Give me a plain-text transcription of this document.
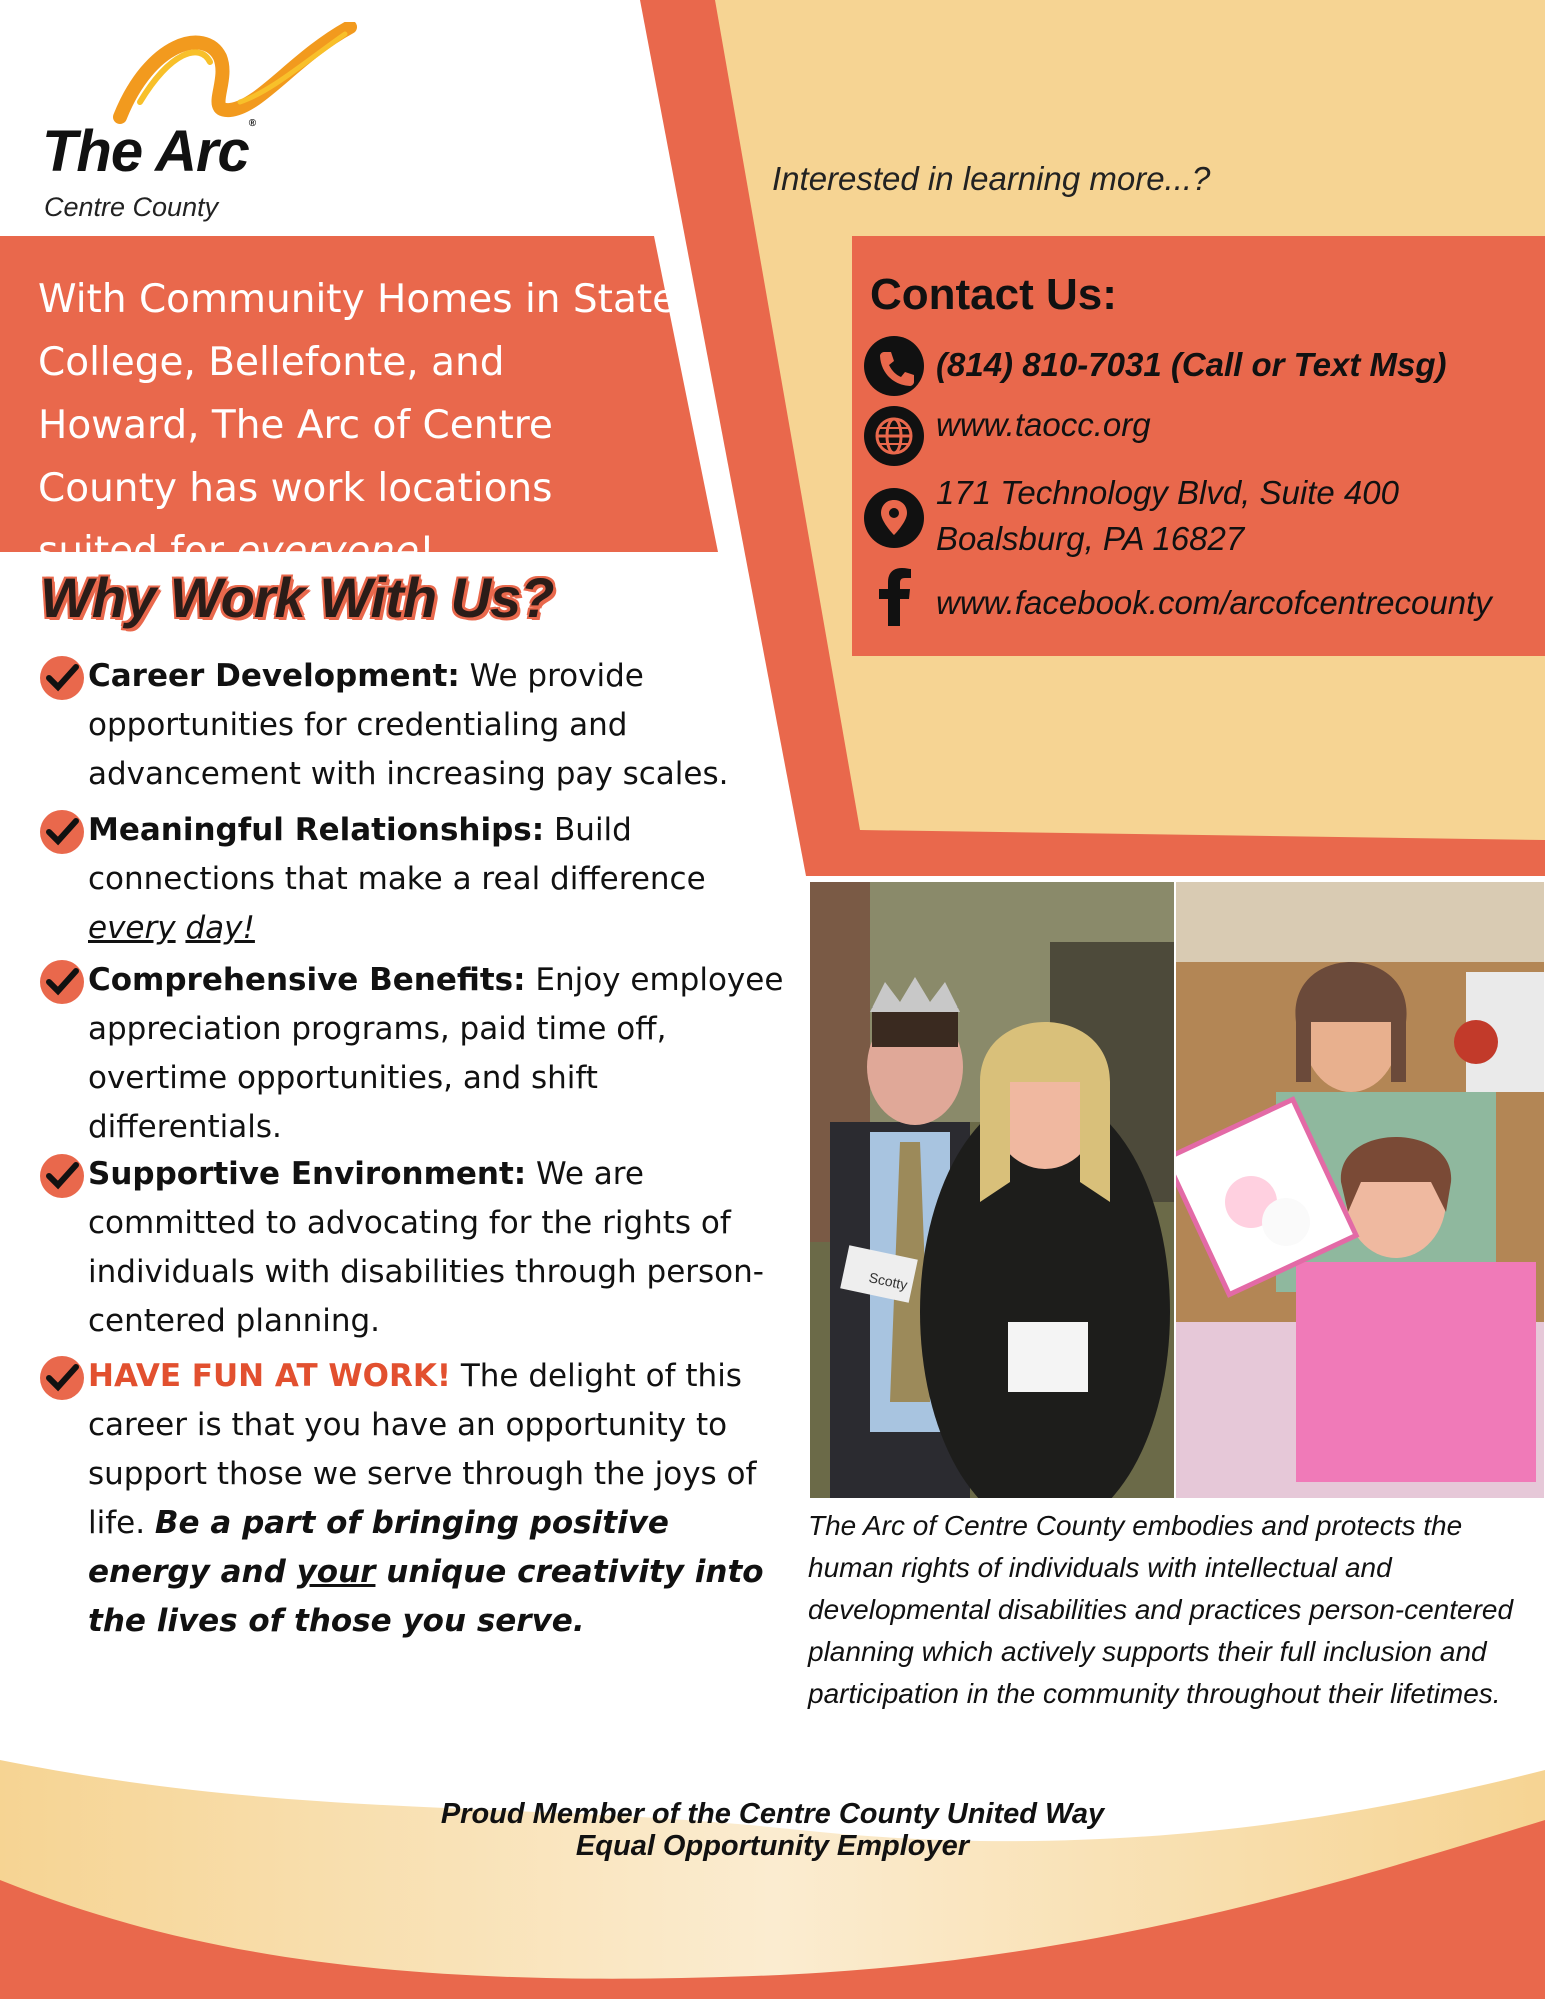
The Arc®
Centre County
With Community Homes in State College, Bellefonte, and Howard, The Arc of Centre County has work locations suited for everyone!
Interested in learning more...?
Contact Us:
(814) 810-7031 (Call or Text Msg)
www.taocc.org
171 Technology Blvd, Suite 400
Boalsburg, PA 16827
www.facebook.com/arcofcentrecounty
Why Work With Us?
Career Development: We provide opportunities for credentialing and advancement with increasing pay scales.
Meaningful Relationships: Build connections that make a real difference every day!
Comprehensive Benefits: Enjoy employee appreciation programs, paid time off, overtime opportunities, and shift differentials.
Supportive Environment: We are committed to advocating for the rights of individuals with disabilities through person-centered planning.
HAVE FUN AT WORK! The delight of this career is that you have an opportunity to support those we serve through the joys of life. Be a part of bringing positive energy and your unique creativity into the lives of those you serve.
Scotty
The Arc of Centre County embodies and protects the human rights of individuals with intellectual and developmental disabilities and practices person-centered planning which actively supports their full inclusion and participation in the community throughout their lifetimes.
Proud Member of the Centre County United Way
Equal Opportunity Employer
